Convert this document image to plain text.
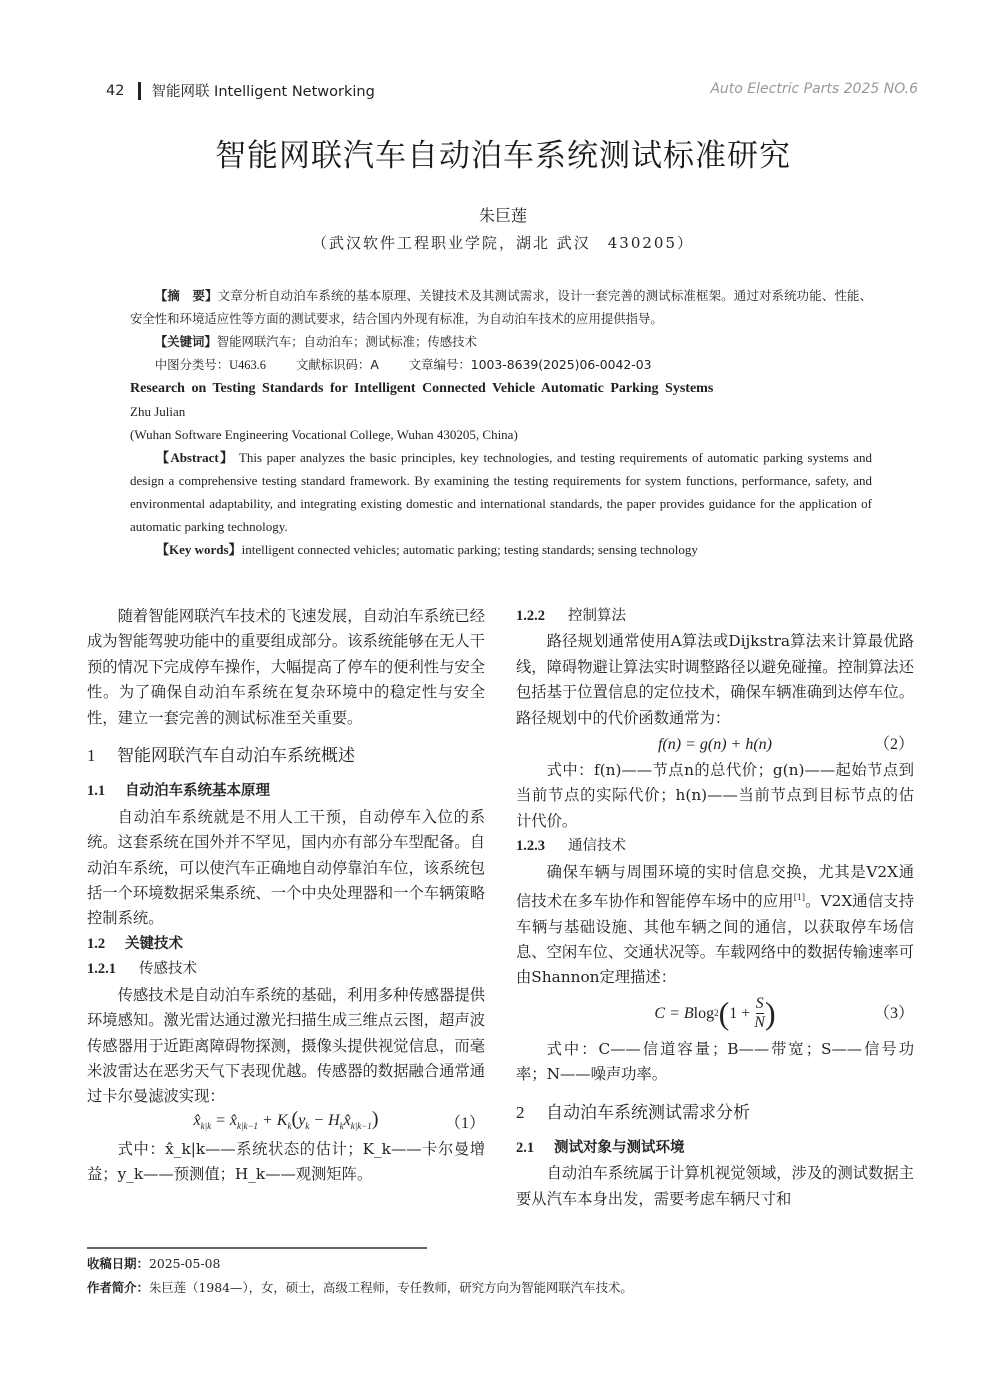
42 智能网联 Intelligent Networking	Auto Electric Parts 2025 NO.6
智能网联汽车自动泊车系统测试标准研究
朱巨莲
（武汉软件工程职业学院，湖北 武汉　430205）

【摘　要】文章分析自动泊车系统的基本原理、关键技术及其测试需求，设计一套完善的测试标准框架。通过对系统功能、性能、安全性和环境适应性等方面的测试要求，结合国内外现有标准，为自动泊车技术的应用提供指导。

【关键词】智能网联汽车；自动泊车；测试标准；传感技术

中图分类号：U463.6 文献标识码：A 文章编号：1003-8639(2025)06-0042-03

Research on Testing Standards for Intelligent Connected Vehicle Automatic Parking Systems

Zhu Julian

(Wuhan Software Engineering Vocational College, Wuhan 430205, China)

【Abstract】 This paper analyzes the basic principles, key technologies, and testing requirements of automatic parking systems and design a comprehensive testing standard framework. By examining the testing requirements for system functions, performance, safety, and environmental adaptability, and integrating existing domestic and international standards, the paper provides guidance for the application of automatic parking technology.

【Key words】intelligent connected vehicles; automatic parking; testing standards; sensing technology

随着智能网联汽车技术的飞速发展，自动泊车系统已经成为智能驾驶功能中的重要组成部分。该系统能够在无人干预的情况下完成停车操作，大幅提高了停车的便利性与安全性。为了确保自动泊车系统在复杂环境中的稳定性与安全性，建立一套完善的测试标准至关重要。

1 智能网联汽车自动泊车系统概述
1.1 自动泊车系统基本原理

自动泊车系统就是不用人工干预，自动停车入位的系统。这套系统在国外并不罕见，国内亦有部分车型配备。自动泊车系统，可以使汽车正确地自动停靠泊车位，该系统包括一个环境数据采集系统、一个中央处理器和一个车辆策略控制系统。

1.2 关键技术
1.2.1 传感技术

传感技术是自动泊车系统的基础，利用多种传感器提供环境感知。激光雷达通过激光扫描生成三维点云图，超声波传感器用于近距离障碍物探测，摄像头提供视觉信息，而毫米波雷达在恶劣天气下表现优越。传感器的数据融合通常通过卡尔曼滤波实现：

$x̂_{k|k}$ = $x̂_{k|k-1} + K_k(y_k$ − $H_kx̂_{k|k-1}$)	（1）

式中：x̂_k|k——系统状态的估计；K_k——卡尔曼增益；y_k——预测值；H_k——观测矩阵。

1.2.2 控制算法

路径规划通常使用A算法或Dijkstra算法来计算最优路线，障碍物避让算法实时调整路径以避免碰撞。控制算法还包括基于位置信息的定位技术，确保车辆准确到达停车位。路径规划中的代价函数通常为：

f(n) = g(n) + h(n)	（2）

式中：f(n)——节点n的总代价；g(n)——起始节点到当前节点的实际代价；h(n)——当前节点到目标节点的估计代价。

1.2.3 通信技术

确保车辆与周围环境的实时信息交换，尤其是V2X通信技术在多车协作和智能停车场中的应用[1]。V2X通信支持车辆与基础设施、其他车辆之间的通信，以获取停车场信息、空闲车位、交通状况等。车载网络中的数据传输速率可由Shannon定理描述：

C = B log 2 ( $1 + \frac{S}{N}$ )	（3）

式中：C——信道容量；B——带宽；S——信号功率；N——噪声功率。

2 自动泊车系统测试需求分析
2.1 测试对象与测试环境

自动泊车系统属于计算机视觉领域，涉及的测试数据主要从汽车本身出发，需要考虑车辆尺寸和

收稿日期：2025-05-08
作者简介：朱巨莲（1984—），女，硕士，高级工程师，专任教师，研究方向为智能网联汽车技术。
